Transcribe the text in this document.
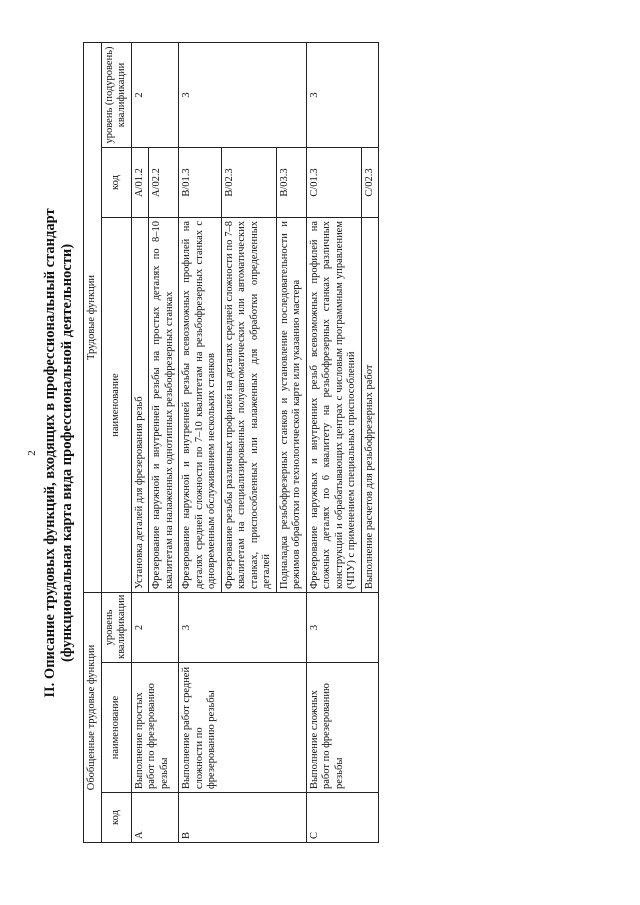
2 II. Описание трудовых функций, входящих в профессиональный стандарт (функциональная карта вида профессиональной деятельности)
Обобщенные трудовые функции			Трудовые функции		
код	наименование	уровень квалификации	наименование	код	уровень (подуровень) квалификации
A	Выполнение простых работ по фрезерованию резьбы	2	Установка деталей для фрезерования резьб	A/01.2	2
			Фрезерование наружной и внутренней резьбы на простых деталях по 8–10 квалитетам на налаженных однотипных резьбофрезерных станках	A/02.2	
B	Выполнение работ средней сложности по фрезерованию резьбы	3	Фрезерование наружной и внутренней резьбы всевозможных профилей на деталях средней сложности по 7–10 квалитетам на резьбофрезерных станках с одновременным обслуживанием нескольких станков	B/01.3	3
			Фрезерование резьбы различных профилей на деталях средней сложности по 7–8 квалитетам на специализированных полуавтоматических или автоматических станках, приспособленных или налаженных для обработки определенных деталей	B/02.3	
			Подналадка резьбофрезерных станков и установление последовательности и режимов обработки по технологической карте или указанию мастера	B/03.3	
C	Выполнение сложных работ по фрезерованию резьбы	3	Фрезерование наружных и внутренних резьб всевозможных профилей на сложных деталях по 6 квалитету на резьбофрезерных станках различных конструкций и обрабатывающих центрах с числовым программным управлением (ЧПУ) с применением специальных приспособлений	C/01.3	3
			Выполнение расчетов для резьбофрезерных работ	C/02.3	
